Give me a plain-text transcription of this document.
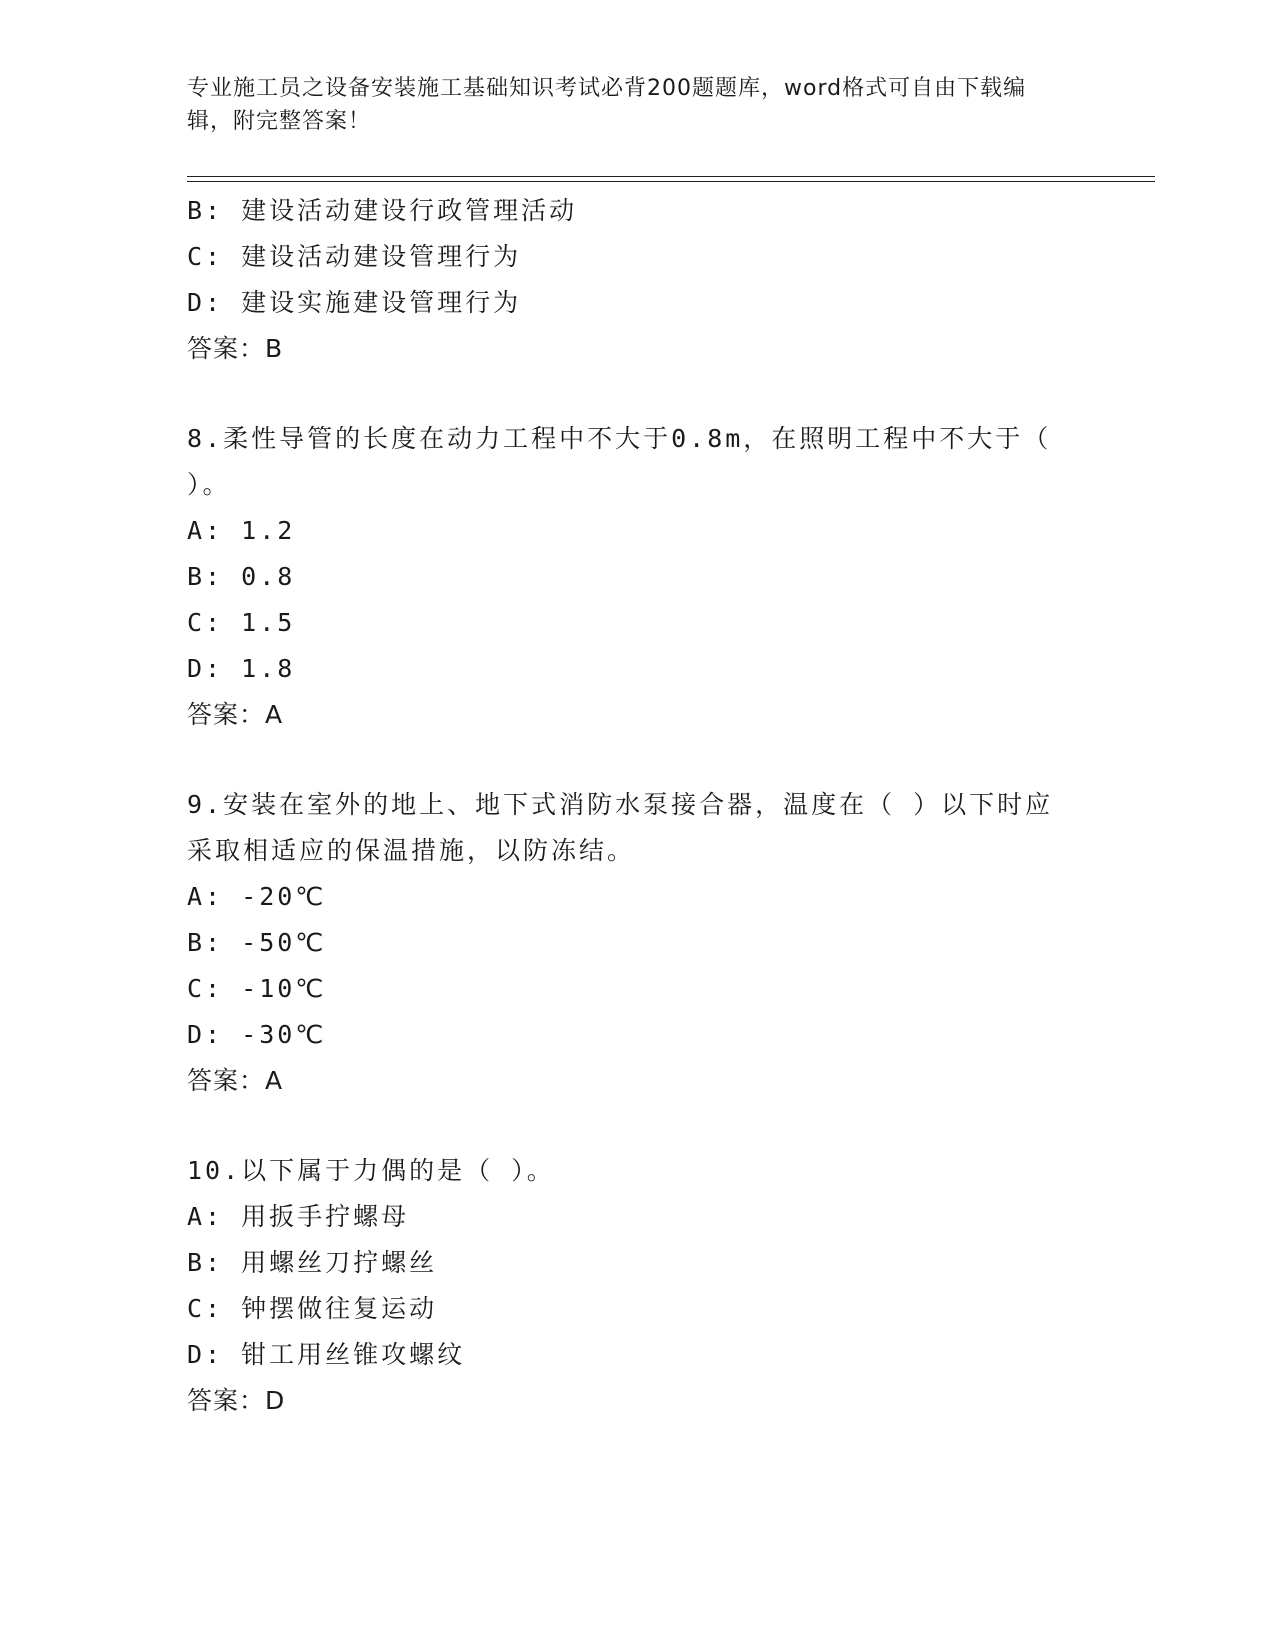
专业施工员之设备安装施工基础知识考试必背200题题库，word格式可自由下载编辑，附完整答案！
B: 建设活动建设行政管理活动
C: 建设活动建设管理行为
D: 建设实施建设管理行为
答案：B
8.柔性导管的长度在动力工程中不大于0.8m，在照明工程中不大于（ ）。
A: 1.2
B: 0.8
C: 1.5
D: 1.8
答案：A
9.安装在室外的地上、地下式消防水泵接合器，温度在（ ）以下时应采取相适应的保温措施，以防冻结。
A: -20℃
B: -50℃
C: -10℃
D: -30℃
答案：A
10.以下属于力偶的是（ ）。
A: 用扳手拧螺母
B: 用螺丝刀拧螺丝
C: 钟摆做往复运动
D: 钳工用丝锥攻螺纹
答案：D
